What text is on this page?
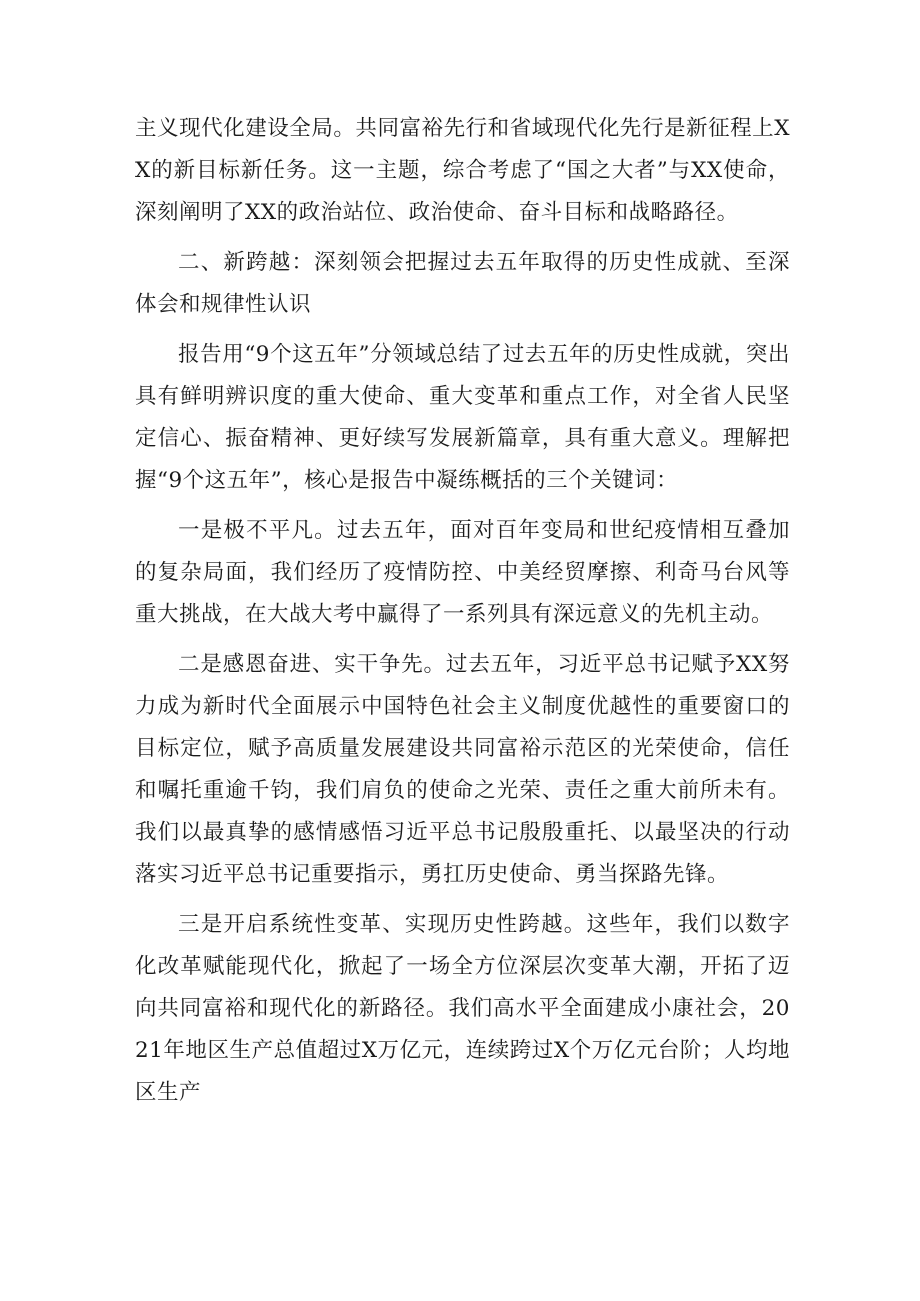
主义现代化建设全局。共同富裕先行和省域现代化先行是新征程上XX的新目标新任务。这一主题，综合考虑了“国之大者”与XX使命，深刻阐明了XX的政治站位、政治使命、奋斗目标和战略路径。

二、新跨越：深刻领会把握过去五年取得的历史性成就、至深体会和规律性认识

报告用“9个这五年”分领域总结了过去五年的历史性成就，突出具有鲜明辨识度的重大使命、重大变革和重点工作，对全省人民坚定信心、振奋精神、更好续写发展新篇章，具有重大意义。理解把握“9个这五年”，核心是报告中凝练概括的三个关键词：

一是极不平凡。过去五年，面对百年变局和世纪疫情相互叠加的复杂局面，我们经历了疫情防控、中美经贸摩擦、利奇马台风等重大挑战，在大战大考中赢得了一系列具有深远意义的先机主动。

二是感恩奋进、实干争先。过去五年，习近平总书记赋予XX努力成为新时代全面展示中国特色社会主义制度优越性的重要窗口的目标定位，赋予高质量发展建设共同富裕示范区的光荣使命，信任和嘱托重逾千钧，我们肩负的使命之光荣、责任之重大前所未有。我们以最真挚的感情感悟习近平总书记殷殷重托、以最坚决的行动落实习近平总书记重要指示，勇扛历史使命、勇当探路先锋。

三是开启系统性变革、实现历史性跨越。这些年，我们以数字化改革赋能现代化，掀起了一场全方位深层次变革大潮，开拓了迈向共同富裕和现代化的新路径。我们高水平全面建成小康社会，2021年地区生产总值超过X万亿元，连续跨过X个万亿元台阶；人均地区生产
